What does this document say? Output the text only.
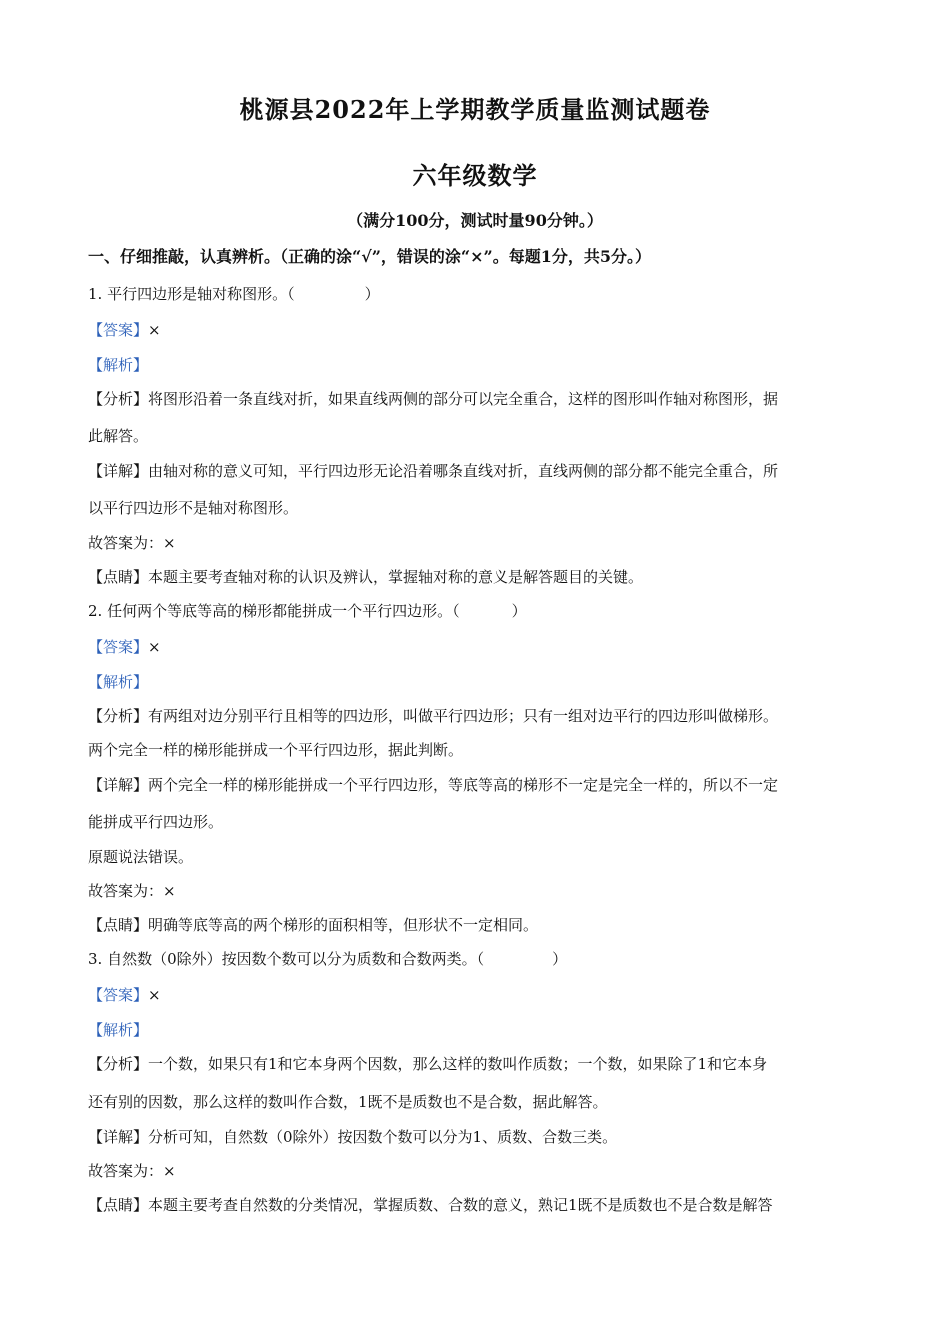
桃源县2022年上学期教学质量监测试题卷
六年级数学
（满分100分，测试时量90分钟。）
一、仔细推敲，认真辨析。（正确的涂“√”，错误的涂“×”。每题1分，共5分。）
1. 平行四边形是轴对称图形。（	）
【答案】×
【解析】
【分析】将图形沿着一条直线对折，如果直线两侧的部分可以完全重合，这样的图形叫作轴对称图形，据
此解答。
【详解】由轴对称的意义可知，平行四边形无论沿着哪条直线对折，直线两侧的部分都不能完全重合，所
以平行四边形不是轴对称图形。
故答案为：×
【点睛】本题主要考查轴对称的认识及辨认，掌握轴对称的意义是解答题目的关键。
2. 任何两个等底等高的梯形都能拼成一个平行四边形。（	）
【答案】×
【解析】
【分析】有两组对边分别平行且相等的四边形，叫做平行四边形；只有一组对边平行的四边形叫做梯形。
两个完全一样的梯形能拼成一个平行四边形，据此判断。
【详解】两个完全一样的梯形能拼成一个平行四边形，等底等高的梯形不一定是完全一样的，所以不一定
能拼成平行四边形。
原题说法错误。
故答案为：×
【点睛】明确等底等高的两个梯形的面积相等，但形状不一定相同。
3. 自然数（0除外）按因数个数可以分为质数和合数两类。（	）
【答案】×
【解析】
【分析】一个数，如果只有1和它本身两个因数，那么这样的数叫作质数；一个数，如果除了1和它本身
还有别的因数，那么这样的数叫作合数，1既不是质数也不是合数，据此解答。
【详解】分析可知，自然数（0除外）按因数个数可以分为1、质数、合数三类。
故答案为：×
【点睛】本题主要考查自然数的分类情况，掌握质数、合数的意义，熟记1既不是质数也不是合数是解答
